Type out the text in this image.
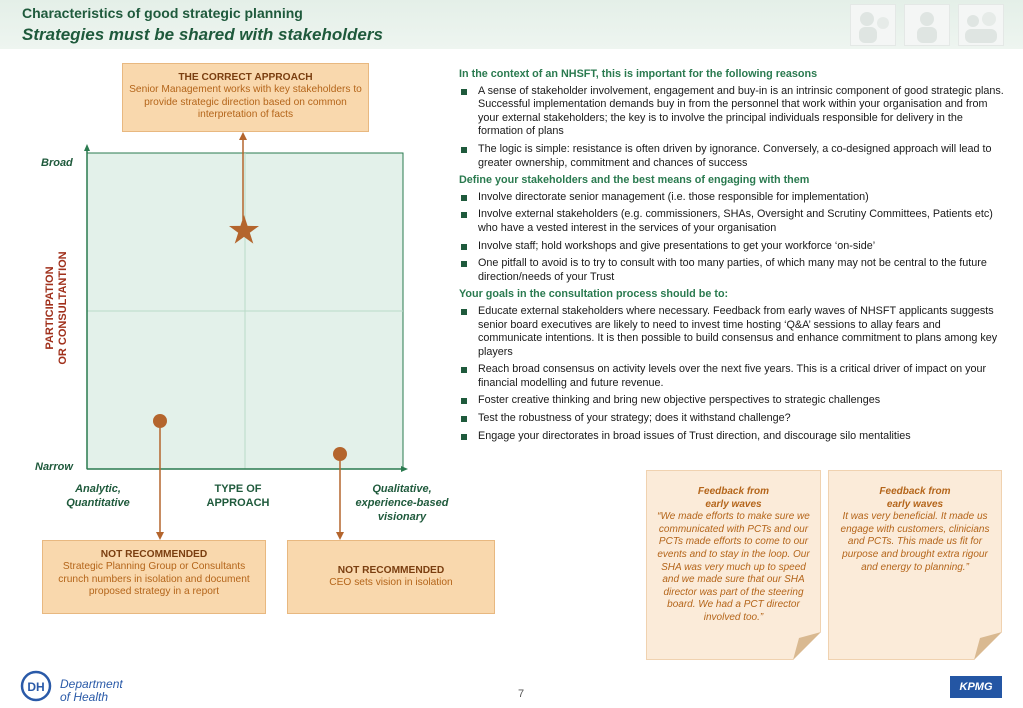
Characteristics of good strategic planning
Strategies must be shared with stakeholders
THE CORRECT APPROACH
Senior Management works with key stakeholders to provide strategic direction based on common interpretation of facts
Broad
Narrow
PARTICIPATION OR CONSULTANTION
Analytic,
Quantitative
TYPE OF
APPROACH
Qualitative,
experience-based
visionary
NOT RECOMMENDED
Strategic Planning Group or Consultants crunch numbers in isolation and document proposed strategy in a report
NOT RECOMMENDED
CEO sets vision in isolation
In the context of an NHSFT, this is important for the following reasons
A sense of stakeholder involvement, engagement and buy-in is an intrinsic component of good strategic plans. Successful implementation demands buy in from the personnel that work within your organisation and from your external stakeholders; the key is to involve the principal individuals responsible for delivery in the formation of plans
The logic is simple: resistance is often driven by ignorance. Conversely, a co-designed approach will lead to greater ownership, commitment and chances of success
Define your stakeholders and the best means of engaging with them
Involve directorate senior management (i.e. those responsible for implementation)
Involve external stakeholders (e.g. commissioners, SHAs, Oversight and Scrutiny Committees, Patients etc) who have a vested interest in the services of your organisation
Involve staff; hold workshops and give presentations to get your workforce ‘on-side’
One pitfall to avoid is to try to consult with too many parties, of which many may not be central to the future direction/needs of your Trust
Your goals in the consultation process should be to:
Educate external stakeholders where necessary. Feedback from early waves of NHSFT applicants suggests senior board executives are likely to need to invest time hosting ‘Q&A’ sessions to allay fears and communicate intentions. It is then possible to build consensus and enhance commitment to plans among key players
Reach broad consensus on activity levels over the next five years. This is a critical driver of impact on your financial modelling and future revenue.
Foster creative thinking and bring new objective perspectives to strategic challenges
Test the robustness of your strategy; does it withstand challenge?
Engage your directorates in broad issues of Trust direction, and discourage silo mentalities
Feedback from
early waves
“We made efforts to make sure we communicated with PCTs and our PCTs made efforts to come to our events and to stay in the loop. Our SHA was very much up to speed and we made sure that our SHA director was part of the steering board. We had a PCT director involved too.”
Feedback from
early waves
It was very beneficial. It made us engage with customers, clinicians and PCTs. This made us fit for purpose and brought extra rigour and energy to planning.”
DH Department
of Health	7
KPMG
